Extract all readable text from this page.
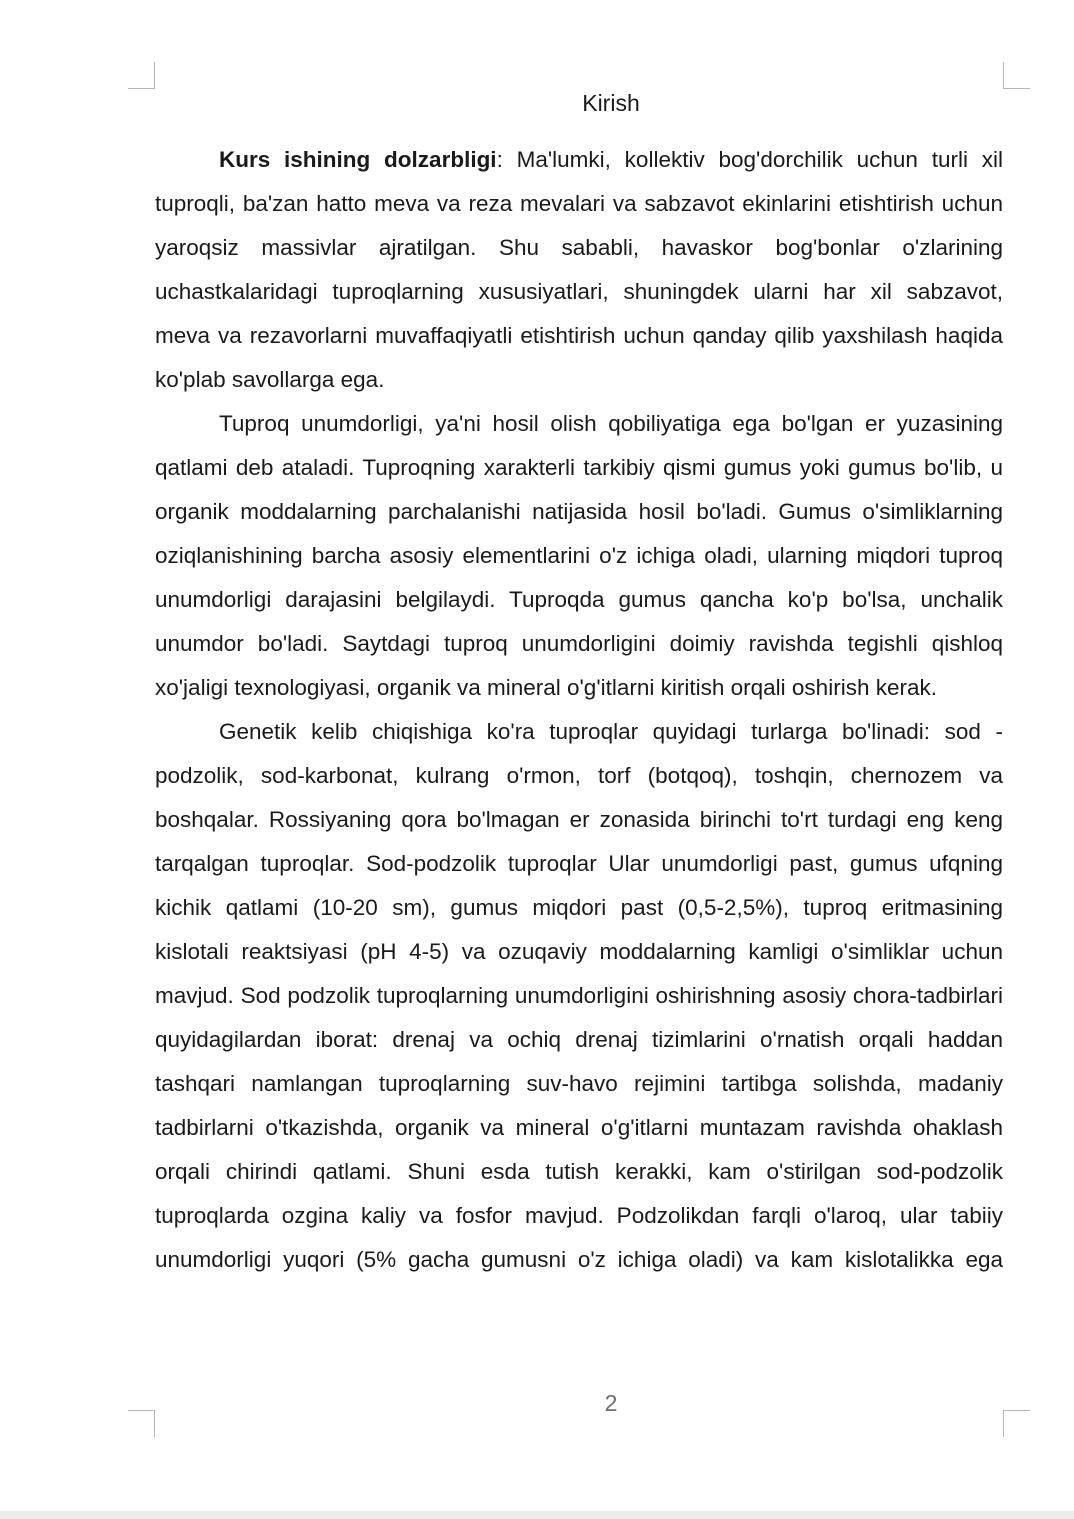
Kirish

Kurs ishining dolzarbligi: Ma'lumki, kollektiv bog'dorchilik uchun turli xil tuproqli, ba'zan hatto meva va reza mevalari va sabzavot ekinlarini etishtirish uchun yaroqsiz massivlar ajratilgan. Shu sababli, havaskor bog'bonlar o'zlarining uchastkalaridagi tuproqlarning xususiyatlari, shuningdek ularni har xil sabzavot, meva va rezavorlarni muvaffaqiyatli etishtirish uchun qanday qilib yaxshilash haqida ko'plab savollarga ega.

Tuproq unumdorligi, ya'ni hosil olish qobiliyatiga ega bo'lgan er yuzasining qatlami deb ataladi. Tuproqning xarakterli tarkibiy qismi gumus yoki gumus bo'lib, u organik moddalarning parchalanishi natijasida hosil bo'ladi. Gumus o'simliklarning oziqlanishining barcha asosiy elementlarini o'z ichiga oladi, ularning miqdori tuproq unumdorligi darajasini belgilaydi. Tuproqda gumus qancha ko'p bo'lsa, unchalik unumdor bo'ladi. Saytdagi tuproq unumdorligini doimiy ravishda tegishli qishloq xo'jaligi texnologiyasi, organik va mineral o'g'itlarni kiritish orqali oshirish kerak.

Genetik kelib chiqishiga ko'ra tuproqlar quyidagi turlarga bo'linadi: sod -podzolik, sod-karbonat, kulrang o'rmon, torf (botqoq), toshqin, chernozem va boshqalar. Rossiyaning qora bo'lmagan er zonasida birinchi to'rt turdagi eng keng tarqalgan tuproqlar. Sod-podzolik tuproqlar Ular unumdorligi past, gumus ufqning kichik qatlami (10-20 sm), gumus miqdori past (0,5-2,5%), tuproq eritmasining kislotali reaktsiyasi (pH 4-5) va ozuqaviy moddalarning kamligi o'simliklar uchun mavjud. Sod podzolik tuproqlarning unumdorligini oshirishning asosiy chora-tadbirlari quyidagilardan iborat: drenaj va ochiq drenaj tizimlarini o'rnatish orqali haddan tashqari namlangan tuproqlarning suv-havo rejimini tartibga solishda, madaniy tadbirlarni o'tkazishda, organik va mineral o'g'itlarni muntazam ravishda ohaklash orqali chirindi qatlami. Shuni esda tutish kerakki, kam o'stirilgan sod-podzolik tuproqlarda ozgina kaliy va fosfor mavjud. Podzolikdan farqli o'laroq, ular tabiiy unumdorligi yuqori (5% gacha gumusni o'z ichiga oladi) va kam kislotalikka ega

2
